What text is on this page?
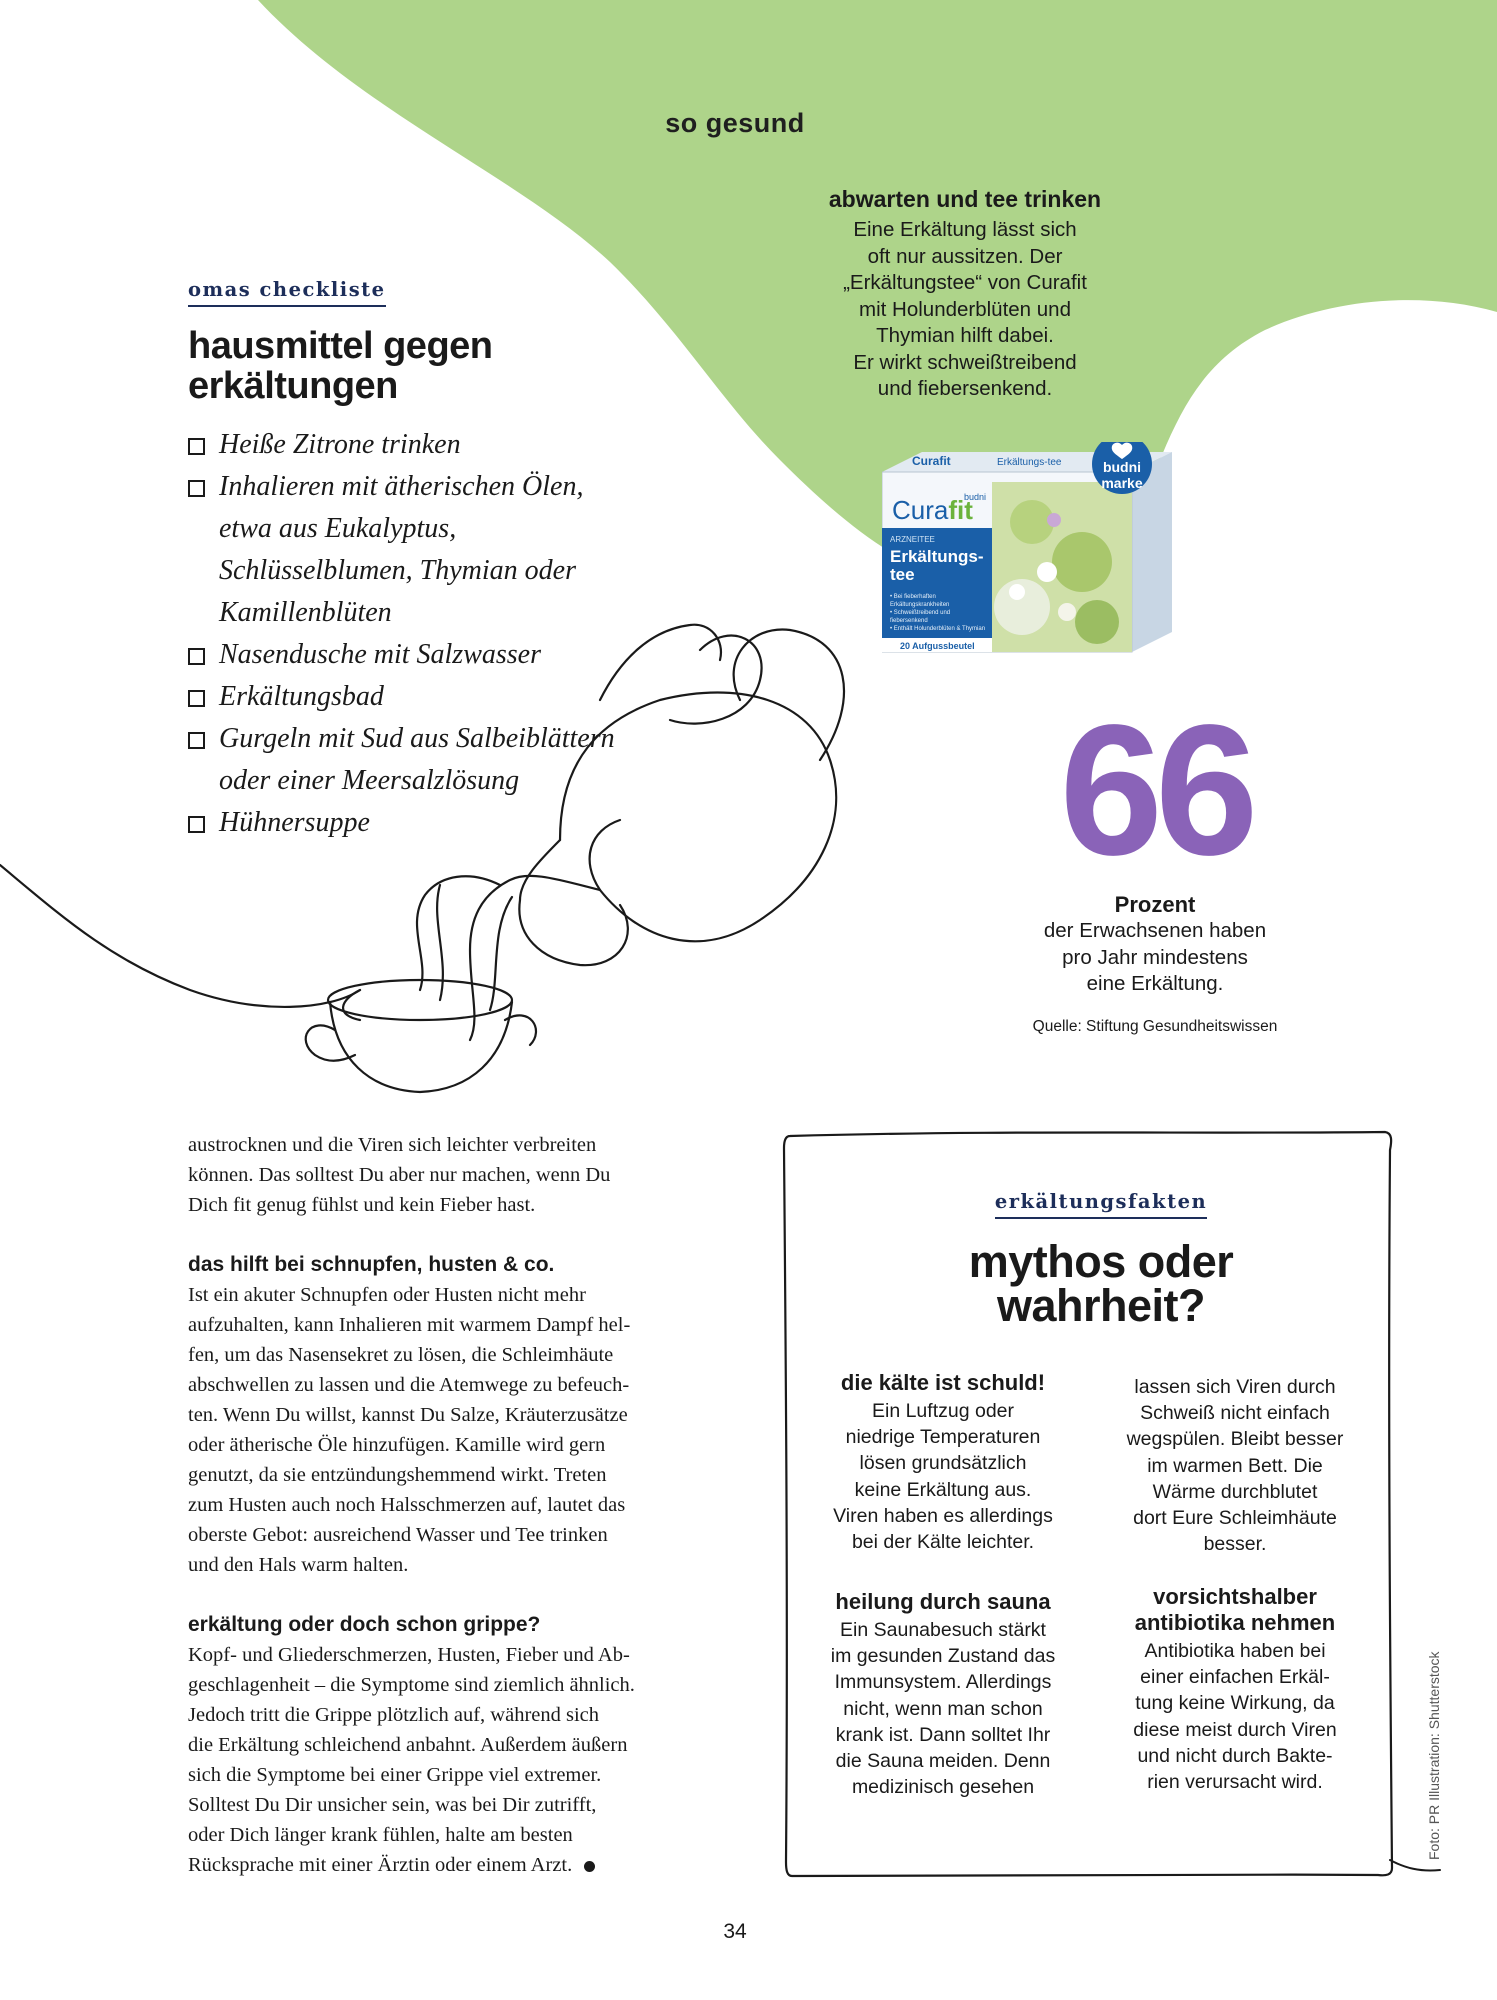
so gesund
abwarten und tee trinken
Eine Erkältung lässt sich
oft nur aussitzen. Der
„Erkältungstee“ von Curafit
mit Holunderblüten und
Thymian hilft dabei.
Er wirkt schweißtreibend
und fiebersenkend.
Curafit	Erkältungs-tee
budni
Curafit
ARZNEITEE
Erkältungs-
tee
• Bei fieberhaften
Erkältungskrankheiten
• Schweißtreibend und
fiebersenkend
• Enthält Holunderblüten & Thymian
20 Aufgussbeutel
budni
marke
omas checkliste
hausmittel gegen
erkältungen
Heiße Zitrone trinken
Inhalieren mit ätherischen Ölen, etwa aus Eukalyptus, Schlüsselblumen, Thymian oder Kamillenblüten
Nasendusche mit Salzwasser
Erkältungsbad
Gurgeln mit Sud aus Salbeiblättern oder einer Meersalzlösung
Hühnersuppe	66
Prozent
der Erwachsenen haben
pro Jahr mindestens
eine Erkältung.
Quelle: Stiftung Gesundheitswissen

austrocknen und die Viren sich leichter verbreiten
können. Das solltest Du aber nur machen, wenn Du
Dich fit genug fühlst und kein Fieber hast.

das hilft bei schnupfen, husten & co.

Ist ein akuter Schnupfen oder Husten nicht mehr
aufzuhalten, kann Inhalieren mit warmem Dampf hel-
fen, um das Nasensekret zu lösen, die Schleimhäute
abschwellen zu lassen und die Atemwege zu befeuch-
ten. Wenn Du willst, kannst Du Salze, Kräuterzusätze
oder ätherische Öle hinzufügen. Kamille wird gern
genutzt, da sie entzündungshemmend wirkt. Treten
zum Husten auch noch Halsschmerzen auf, lautet das
oberste Gebot: ausreichend Wasser und Tee trinken
und den Hals warm halten.

erkältung oder doch schon grippe?

Kopf- und Gliederschmerzen, Husten, Fieber und Ab-
geschlagenheit – die Symptome sind ziemlich ähnlich.
Jedoch tritt die Grippe plötzlich auf, während sich
die Erkältung schleichend anbahnt. Außerdem äußern
sich die Symptome bei einer Grippe viel extremer.
Solltest Du Dir unsicher sein, was bei Dir zutrifft,
oder Dich länger krank fühlen, halte am besten
Rücksprache mit einer Ärztin oder einem Arzt.

erkältungsfakten
mythos oder
wahrheit?
die kälte ist schuld!
Ein Luftzug oder
niedrige Temperaturen
lösen grundsätzlich
keine Erkältung aus.
Viren haben es allerdings
bei der Kälte leichter.
lassen sich Viren durch
Schweiß nicht einfach
wegspülen. Bleibt besser
im warmen Bett. Die
Wärme durchblutet
dort Eure Schleimhäute
besser.
heilung durch sauna
Ein Saunabesuch stärkt
im gesunden Zustand das
Immunsystem. Allerdings
nicht, wenn man schon
krank ist. Dann solltet Ihr
die Sauna meiden. Denn
medizinisch gesehen
vorsichtshalber
antibiotika nehmen
Antibiotika haben bei
einer einfachen Erkäl-
tung keine Wirkung, da
diese meist durch Viren
und nicht durch Bakte-
rien verursacht wird.	Foto: PR Illustration: Shutterstock
34
